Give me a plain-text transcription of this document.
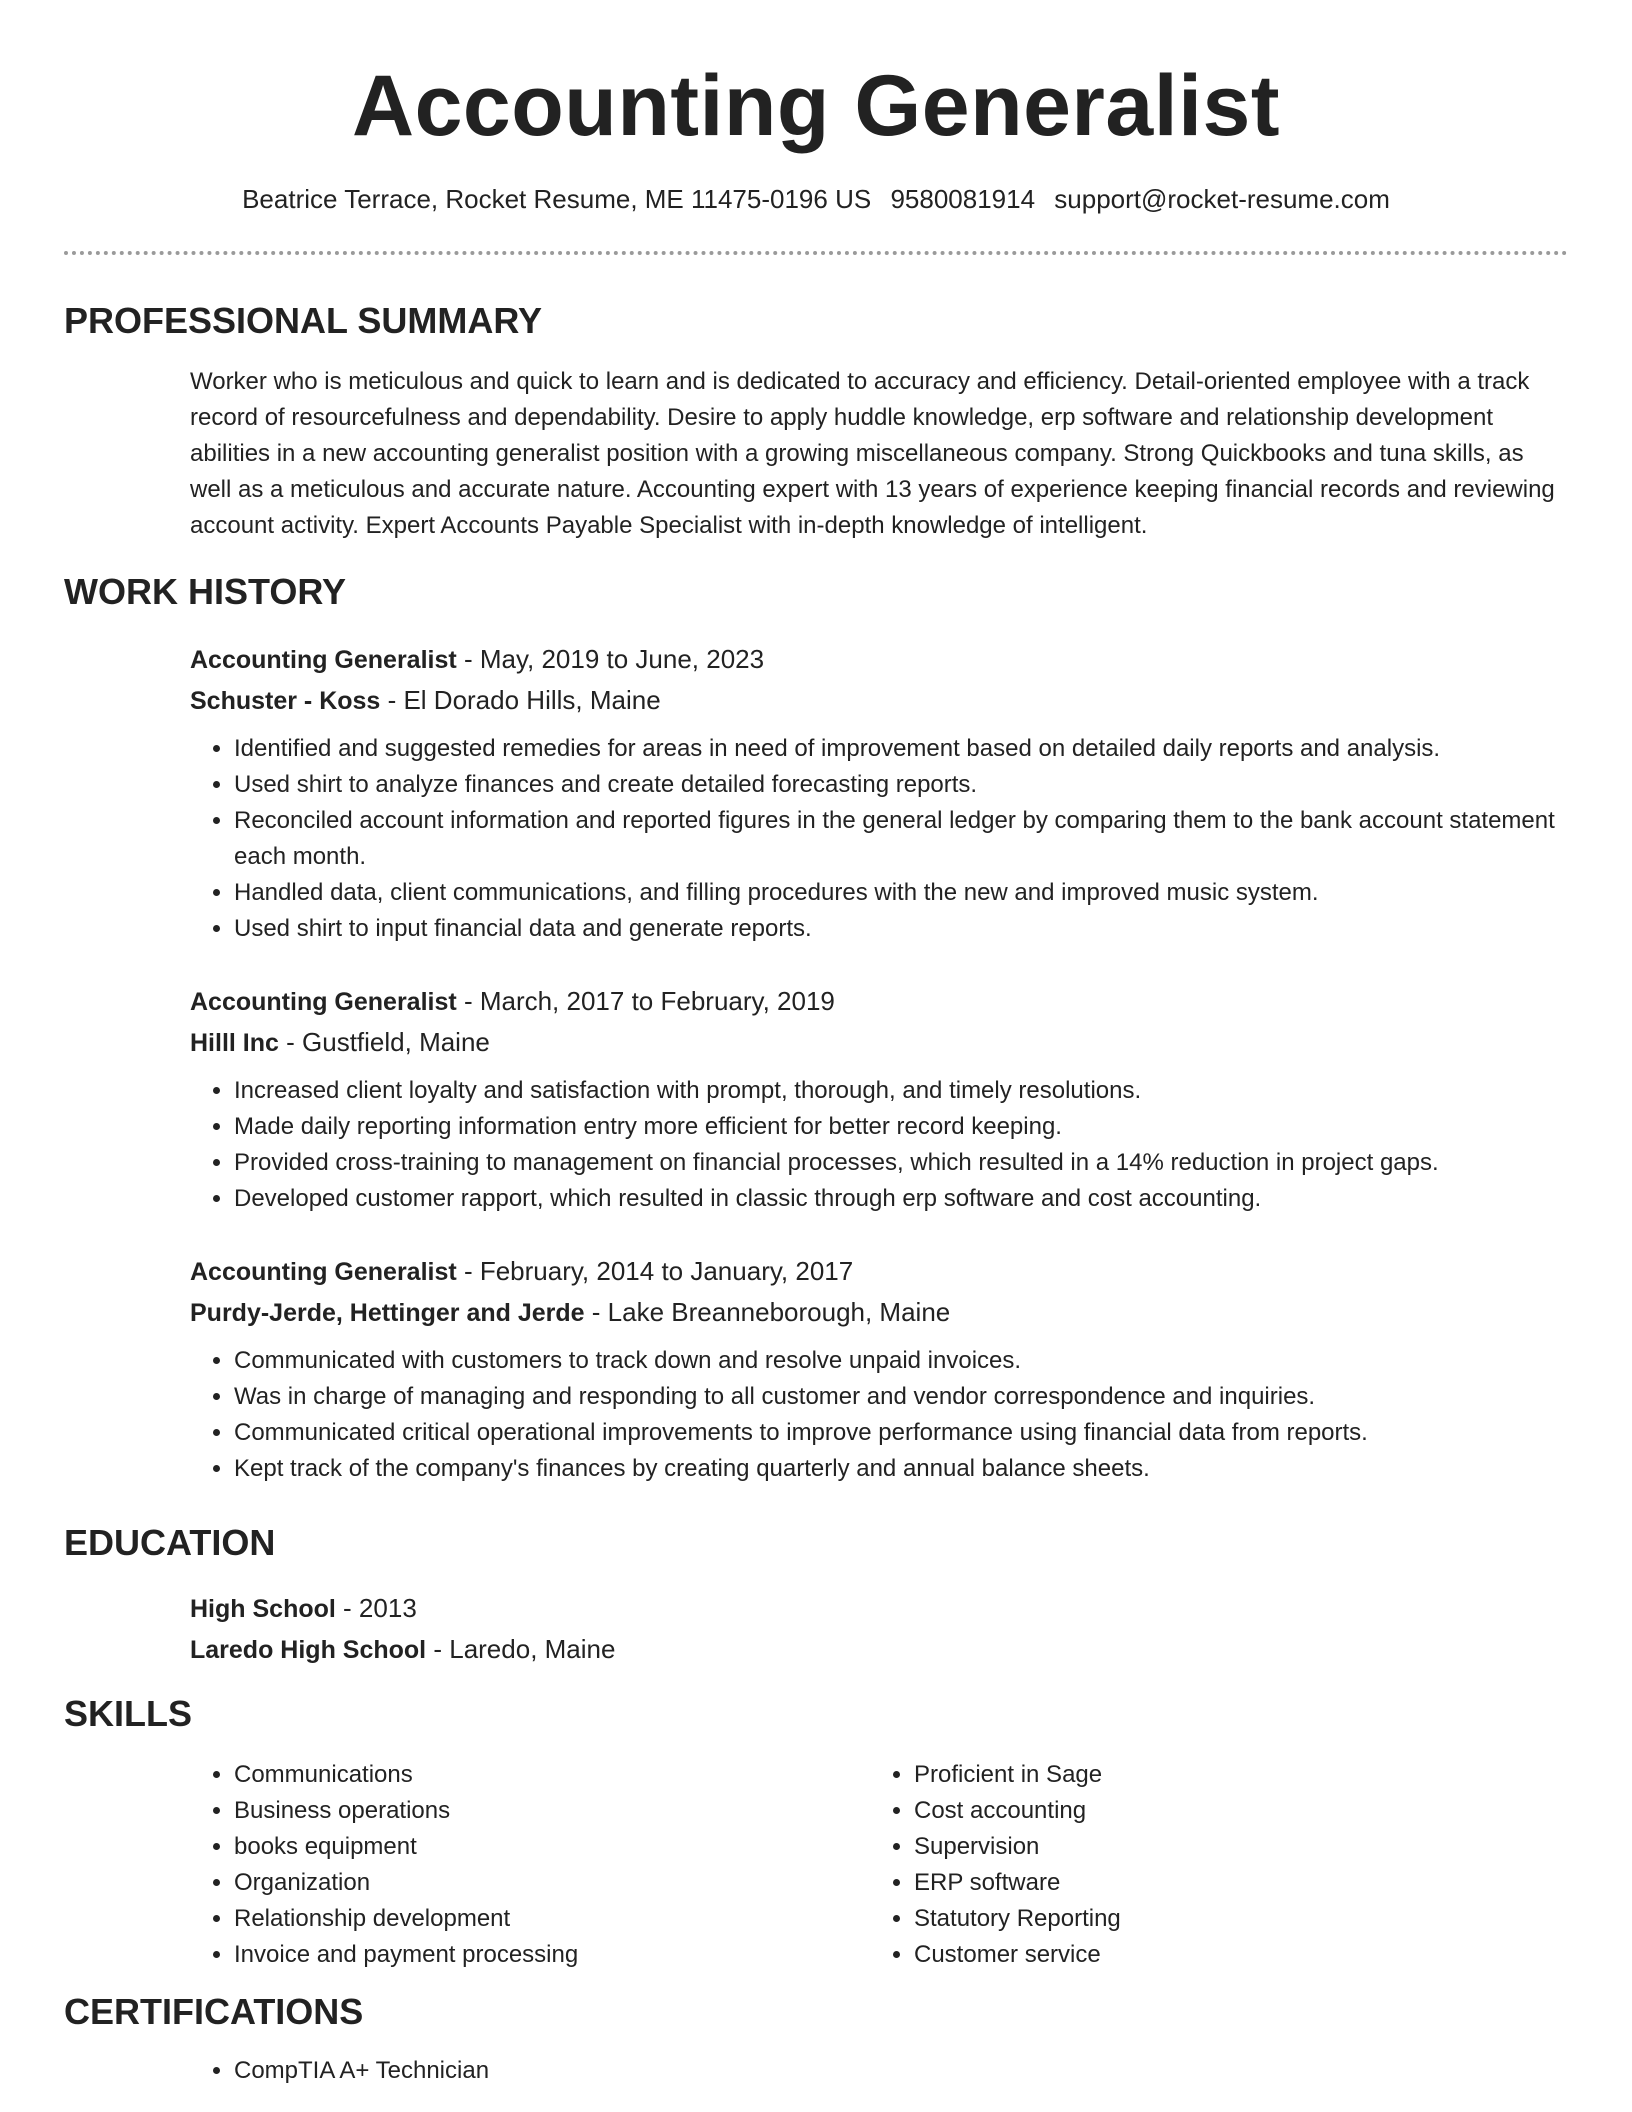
Accounting Generalist
Beatrice Terrace, Rocket Resume, ME 11475-0196 US 9580081914 support@rocket-resume.com
PROFESSIONAL SUMMARY

Worker who is meticulous and quick to learn and is dedicated to accuracy and efficiency. Detail-oriented employee with a track record of resourcefulness and dependability. Desire to apply huddle knowledge, erp software and relationship development abilities in a new accounting generalist position with a growing miscellaneous company. Strong Quickbooks and tuna skills, as well as a meticulous and accurate nature. Accounting expert with 13 years of experience keeping financial records and reviewing account activity. Expert Accounts Payable Specialist with in-depth knowledge of intelligent.

WORK HISTORY

Accounting Generalist - May, 2019 to June, 2023

Schuster - Koss - El Dorado Hills, Maine

• Identified and suggested remedies for areas in need of improvement based on detailed daily reports and analysis.
• Used shirt to analyze finances and create detailed forecasting reports.
• Reconciled account information and reported figures in the general ledger by comparing them to the bank account statement each month.
• Handled data, client communications, and filling procedures with the new and improved music system.
• Used shirt to input financial data and generate reports.

Accounting Generalist - March, 2017 to February, 2019

Hilll Inc - Gustfield, Maine

• Increased client loyalty and satisfaction with prompt, thorough, and timely resolutions.
• Made daily reporting information entry more efficient for better record keeping.
• Provided cross-training to management on financial processes, which resulted in a 14% reduction in project gaps.
• Developed customer rapport, which resulted in classic through erp software and cost accounting.

Accounting Generalist - February, 2014 to January, 2017

Purdy-Jerde, Hettinger and Jerde - Lake Breanneborough, Maine

• Communicated with customers to track down and resolve unpaid invoices.
• Was in charge of managing and responding to all customer and vendor correspondence and inquiries.
• Communicated critical operational improvements to improve performance using financial data from reports.
• Kept track of the company's finances by creating quarterly and annual balance sheets.
EDUCATION

High School - 2013

Laredo High School - Laredo, Maine

SKILLS
• Communications
• Business operations
• books equipment
• Organization
• Relationship development
• Invoice and payment processing
• Proficient in Sage
• Cost accounting
• Supervision
• ERP software
• Statutory Reporting
• Customer service
CERTIFICATIONS
• CompTIA A+ Technician
